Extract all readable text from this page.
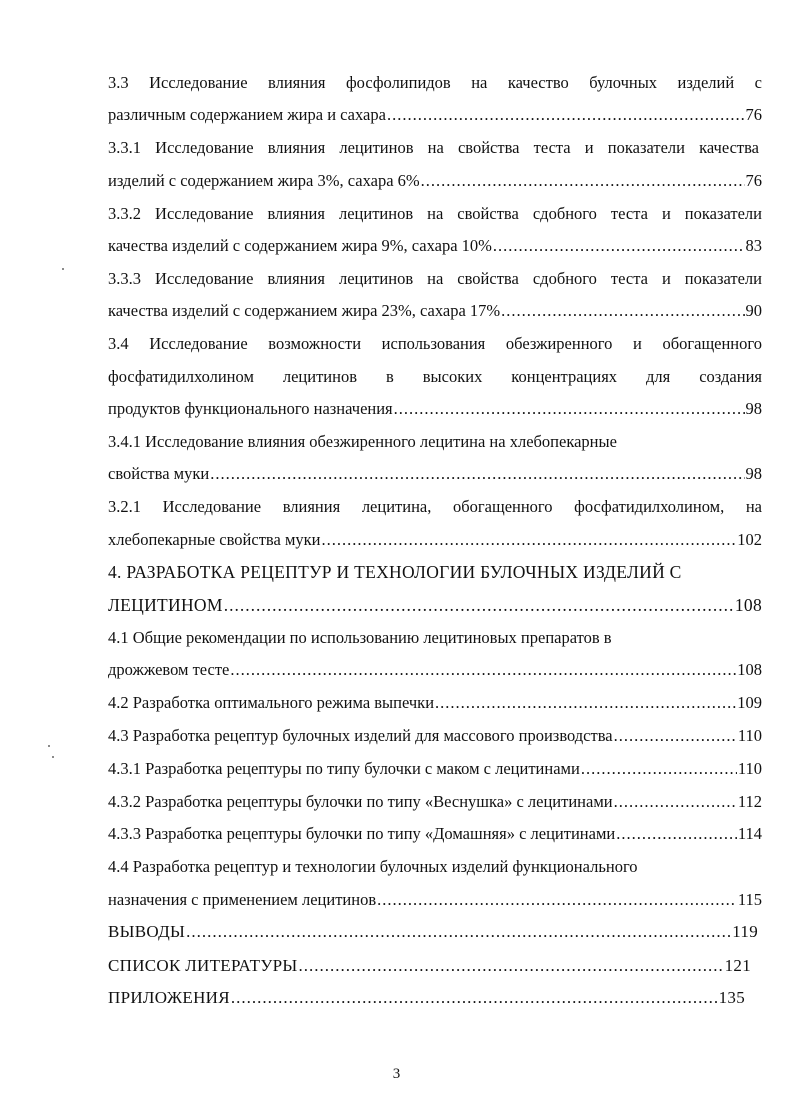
3.3 Исследование влияния фосфолипидов на качество булочных изделий с
различным содержанием жира и сахара .....	76
3.3.1 Исследование влияния лецитинов на свойства теста и показатели качества
изделий с содержанием жира 3%, сахара 6% .....	76
3.3.2 Исследование влияния лецитинов на свойства сдобного теста и показатели
качества изделий с содержанием жира 9%, сахара 10% .....	83
3.3.3 Исследование влияния лецитинов на свойства сдобного теста и показатели
качества изделий с содержанием жира 23%, сахара 17% .....	90
3.4 Исследование возможности использования обезжиренного и обогащенного
фосфатидилхолином лецитинов в высоких концентрациях для создания
продуктов функционального назначения .....	98
3.4.1 Исследование влияния обезжиренного лецитина на хлебопекарные
свойства муки .....	98
3.2.1 Исследование влияния лецитина, обогащенного фосфатидилхолином, на
хлебопекарные свойства муки .....	102
4. РАЗРАБОТКА РЕЦЕПТУР И ТЕХНОЛОГИИ БУЛОЧНЫХ ИЗДЕЛИЙ С
ЛЕЦИТИНОМ .....	108
4.1 Общие рекомендации по использованию лецитиновых препаратов в
дрожжевом тесте .....	108
4.2 Разработка оптимального режима выпечки .....	109
4.3 Разработка рецептур булочных изделий для массового производства .....	110
4.3.1 Разработка рецептуры по типу булочки с маком с лецитинами .....	110
4.3.2 Разработка рецептуры булочки по типу «Веснушка» с лецитинами .....	112
4.3.3 Разработка рецептуры булочки по типу «Домашняя» с лецитинами .....	114
4.4 Разработка рецептур и технологии булочных изделий функционального
назначения с применением лецитинов .....	115
ВЫВОДЫ .....	119
СПИСОК ЛИТЕРАТУРЫ .....	121
ПРИЛОЖЕНИЯ .....	135
3
